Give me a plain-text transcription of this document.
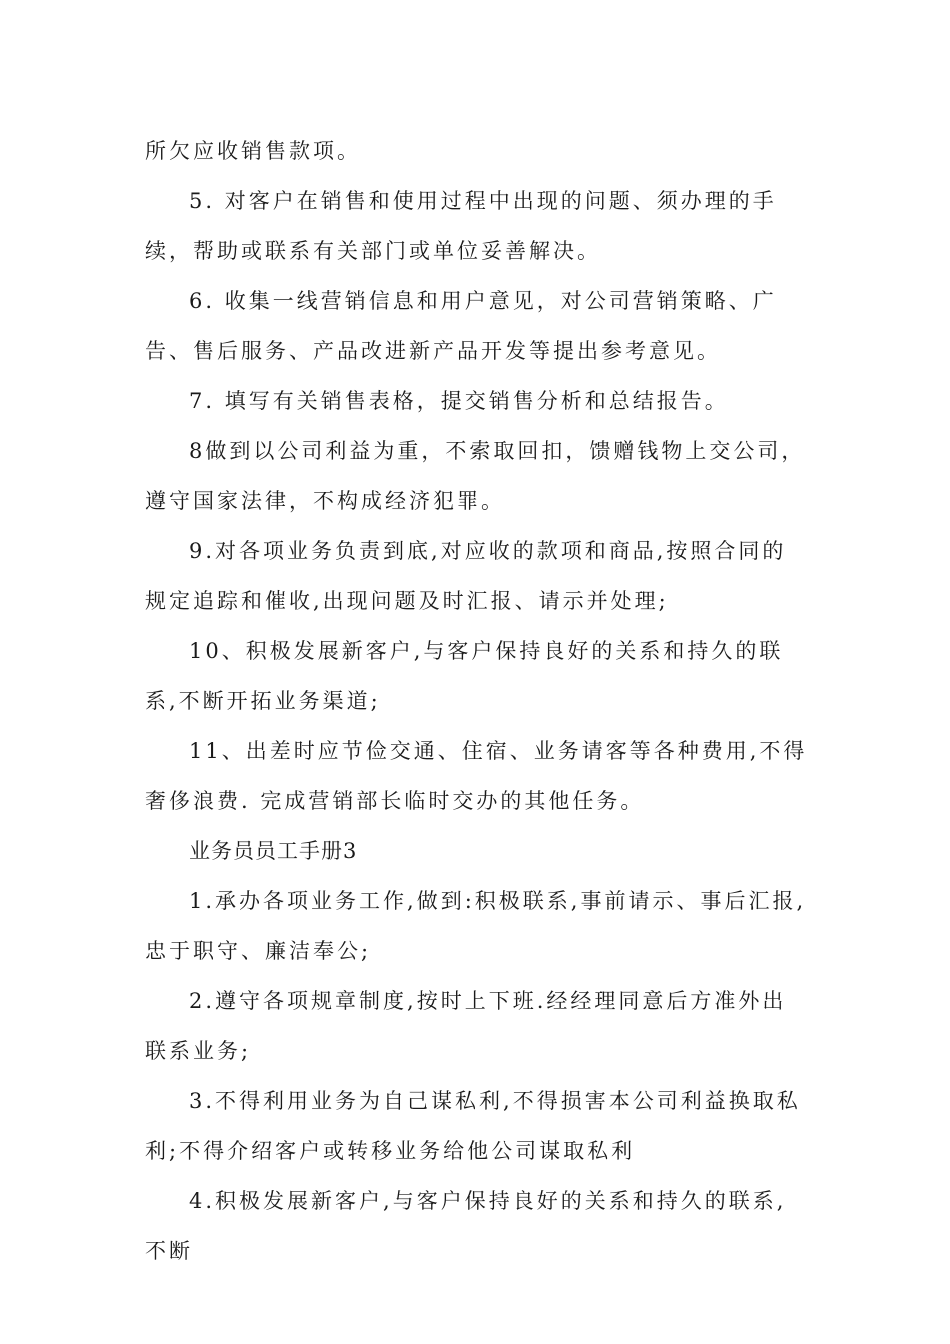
所欠应收销售款项。

5. 对客户在销售和使用过程中出现的问题、须办理的手续，帮助或联系有关部门或单位妥善解决。

6. 收集一线营销信息和用户意见，对公司营销策略、广告、售后服务、产品改进新产品开发等提出参考意见。

7. 填写有关销售表格，提交销售分析和总结报告。

8做到以公司利益为重，不索取回扣，馈赠钱物上交公司，遵守国家法律，不构成经济犯罪。

9.对各项业务负责到底,对应收的款项和商品,按照合同的规定追踪和催收,出现问题及时汇报、请示并处理;

10、积极发展新客户,与客户保持良好的关系和持久的联系,不断开拓业务渠道;

11、出差时应节俭交通、住宿、业务请客等各种费用,不得奢侈浪费. 完成营销部长临时交办的其他任务。

业务员员工手册3

1.承办各项业务工作,做到:积极联系,事前请示、事后汇报,忠于职守、廉洁奉公;

2.遵守各项规章制度,按时上下班.经经理同意后方准外出联系业务;

3.不得利用业务为自己谋私利,不得损害本公司利益换取私利;不得介绍客户或转移业务给他公司谋取私利

4.积极发展新客户,与客户保持良好的关系和持久的联系,不断
